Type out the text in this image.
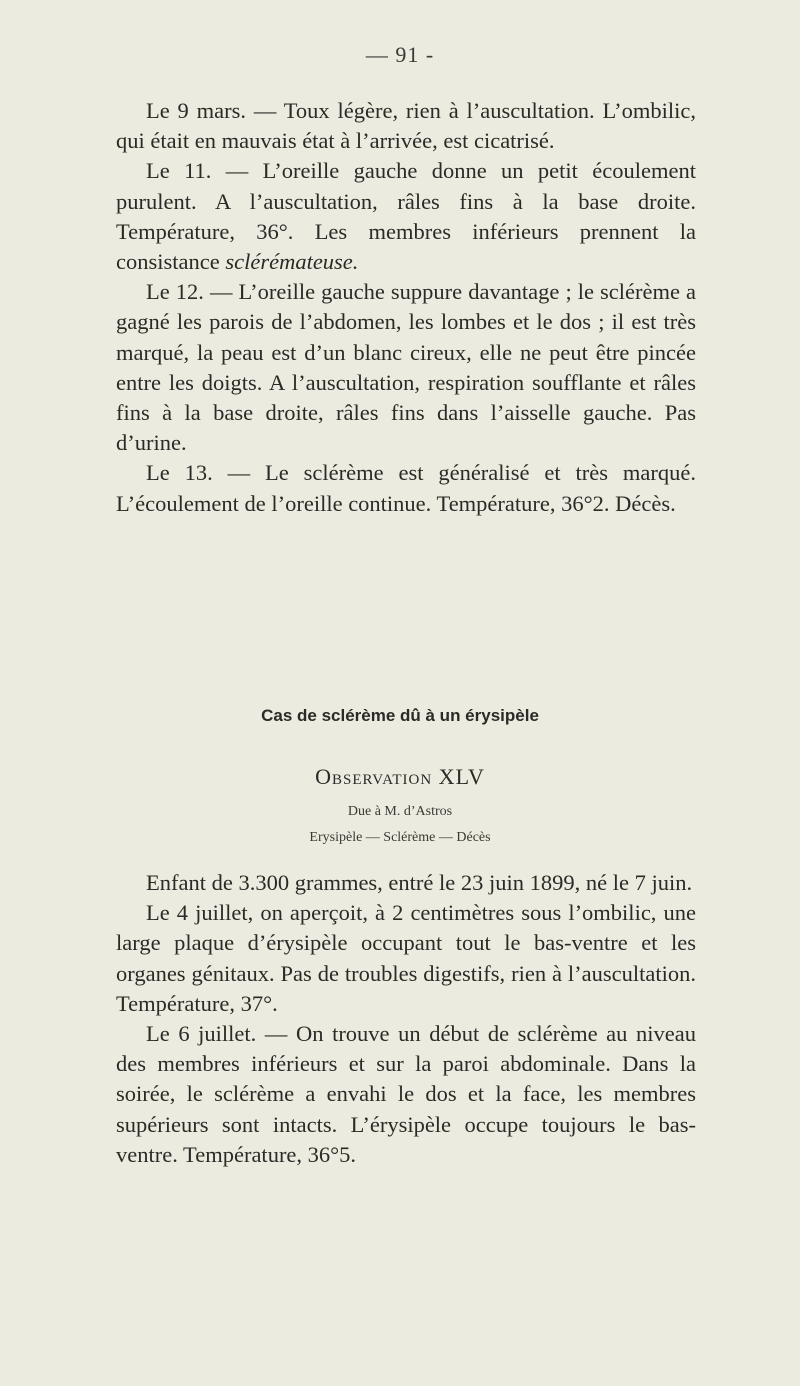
— 91 -

Le 9 mars. — Toux légère, rien à l’auscultation. L’ombilic, qui était en mauvais état à l’arrivée, est cicatrisé.

Le 11. — L’oreille gauche donne un petit écoulement purulent. A l’auscultation, râles fins à la base droite. Température, 36°. Les membres inférieurs prennent la consistance sclérémateuse.

Le 12. — L’oreille gauche suppure davantage ; le sclérème a gagné les parois de l’abdomen, les lombes et le dos ; il est très marqué, la peau est d’un blanc cireux, elle ne peut être pincée entre les doigts. A l’auscultation, respiration soufflante et râles fins à la base droite, râles fins dans l’aisselle gauche. Pas d’urine.

Le 13. — Le sclérème est généralisé et très marqué. L’écoulement de l’oreille continue. Température, 36°2. Décès.

Cas de sclérème dû à un érysipèle
Observation XLV
Due à M. d’Astros
Erysipèle — Sclérème — Décès

Enfant de 3.300 grammes, entré le 23 juin 1899, né le 7 juin.

Le 4 juillet, on aperçoit, à 2 centimètres sous l’ombilic, une large plaque d’érysipèle occupant tout le bas-ventre et les organes génitaux. Pas de troubles digestifs, rien à l’auscultation. Température, 37°.

Le 6 juillet. — On trouve un début de sclérème au niveau des membres inférieurs et sur la paroi abdominale. Dans la soirée, le sclérème a envahi le dos et la face, les membres supérieurs sont intacts. L’érysipèle occupe toujours le bas-ventre. Température, 36°5.
